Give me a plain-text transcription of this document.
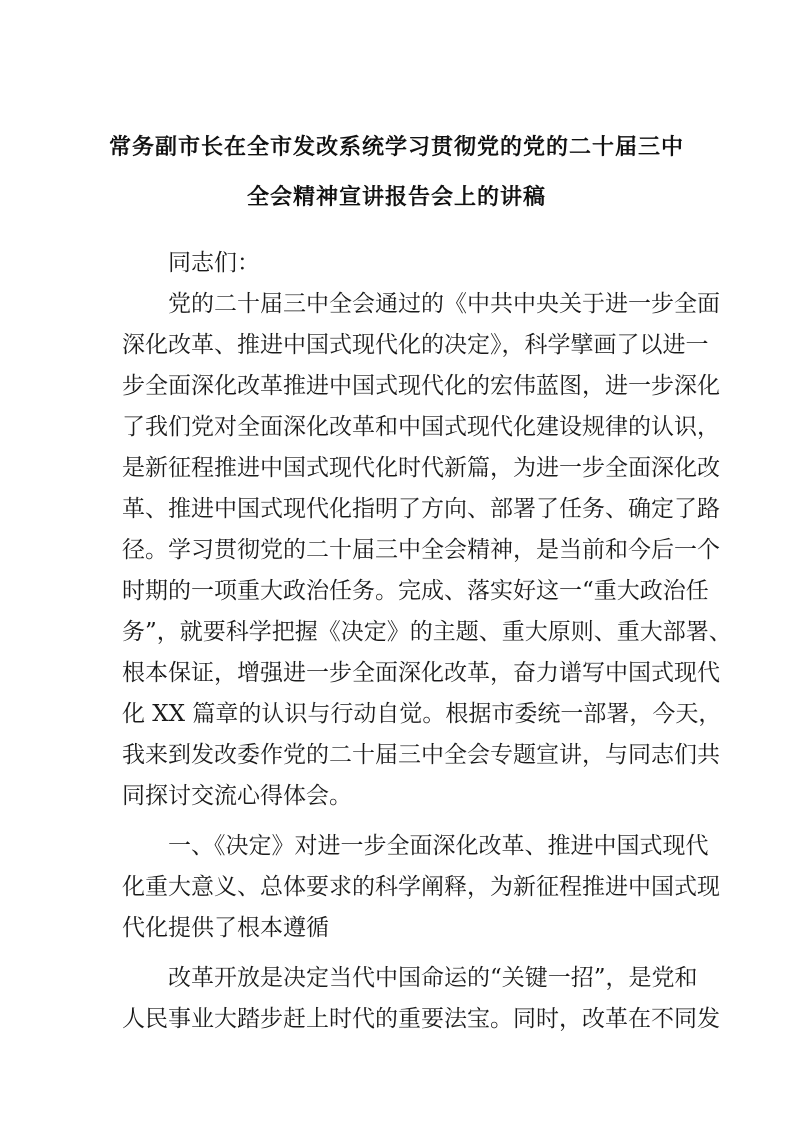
常务副市长在全市发改系统学习贯彻党的党的二十届三中
全会精神宣讲报告会上的讲稿
同志们：
党的二十届三中全会通过的《中共中央关于进一步全面
深化改革、推进中国式现代化的决定》，科学擘画了以进一
步全面深化改革推进中国式现代化的宏伟蓝图，进一步深化
了我们党对全面深化改革和中国式现代化建设规律的认识，
是新征程推进中国式现代化时代新篇，为进一步全面深化改
革、推进中国式现代化指明了方向、部署了任务、确定了路
径。学习贯彻党的二十届三中全会精神，是当前和今后一个
时期的一项重大政治任务。完成、落实好这一“重大政治任
务”，就要科学把握《决定》的主题、重大原则、重大部署、
根本保证，增强进一步全面深化改革，奋力谱写中国式现代
化 XX 篇章的认识与行动自觉。根据市委统一部署，今天，
我来到发改委作党的二十届三中全会专题宣讲，与同志们共
同探讨交流心得体会。
一、《决定》对进一步全面深化改革、推进中国式现代
化重大意义、总体要求的科学阐释，为新征程推进中国式现
代化提供了根本遵循
改革开放是决定当代中国命运的“关键一招”，是党和
人民事业大踏步赶上时代的重要法宝。同时，改革在不同发
